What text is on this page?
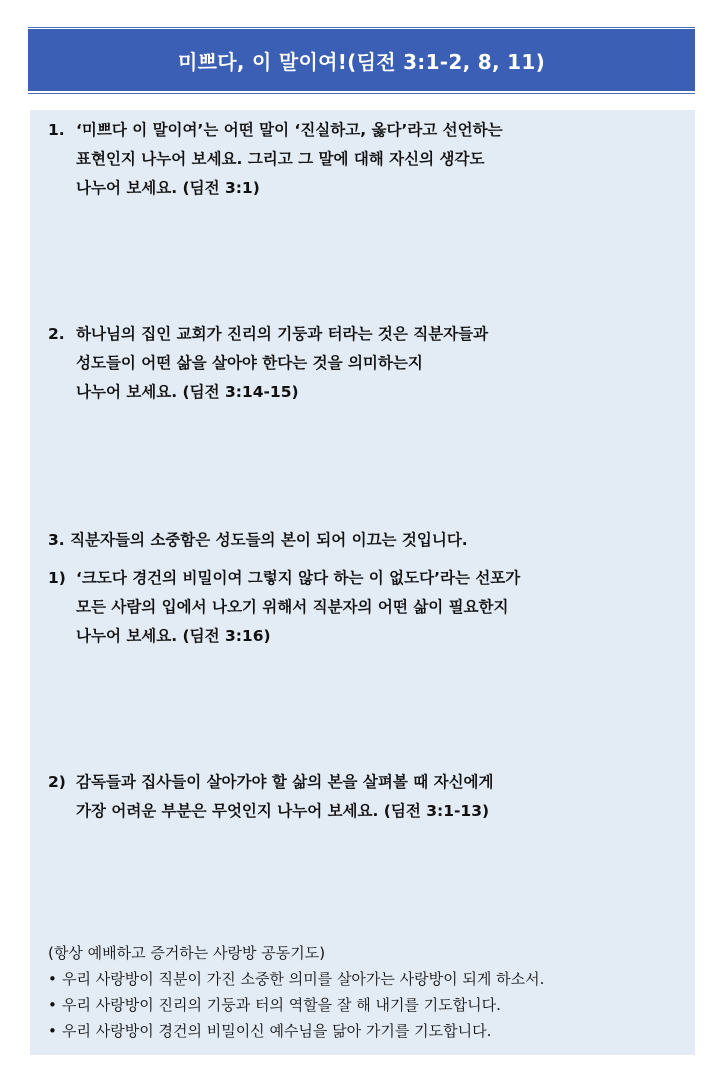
미쁘다, 이 말이여!(딤전 3:1-2, 8, 11)
1. ‘미쁘다 이 말이여’는 어떤 말이 ‘진실하고, 옳다’라고 선언하는
표현인지 나누어 보세요. 그리고 그 말에 대해 자신의 생각도
나누어 보세요. (딤전 3:1)
2. 하나님의 집인 교회가 진리의 기둥과 터라는 것은 직분자들과
성도들이 어떤 삶을 살아야 한다는 것을 의미하는지
나누어 보세요. (딤전 3:14-15)
3. 직분자들의 소중함은 성도들의 본이 되어 이끄는 것입니다.
1) ‘크도다 경건의 비밀이여 그렇지 않다 하는 이 없도다’라는 선포가
모든 사람의 입에서 나오기 위해서 직분자의 어떤 삶이 필요한지
나누어 보세요. (딤전 3:16)
2) 감독들과 집사들이 살아가야 할 삶의 본을 살펴볼 때 자신에게
가장 어려운 부분은 무엇인지 나누어 보세요. (딤전 3:1-13)
(항상 예배하고 증거하는 사랑방 공동기도)
• 우리 사랑방이 직분이 가진 소중한 의미를 살아가는 사랑방이 되게 하소서.
• 우리 사랑방이 진리의 기둥과 터의 역할을 잘 해 내기를 기도합니다.
• 우리 사랑방이 경건의 비밀이신 예수님을 닮아 가기를 기도합니다.
